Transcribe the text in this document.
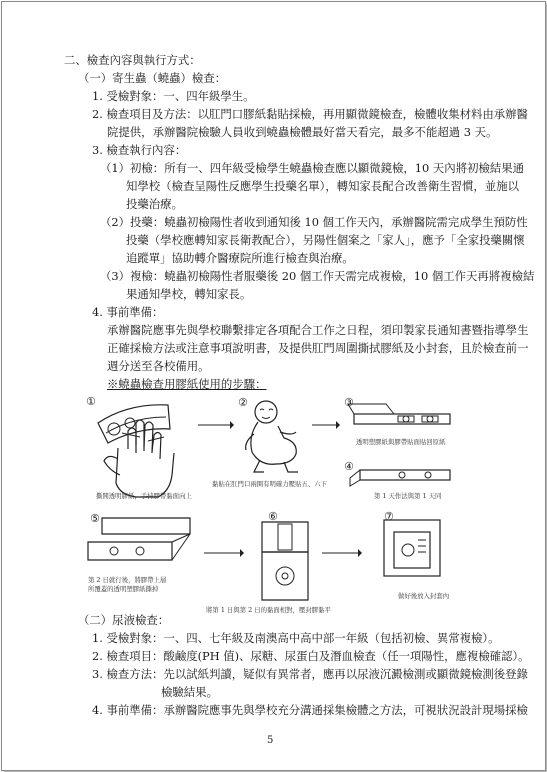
二、檢查內容與執行方式：
（一）寄生蟲（蟯蟲）檢查：
1. 受檢對象：一、四年級學生。
2. 檢查項目及方法：以肛門口膠紙黏貼採檢，再用顯微鏡檢查，檢體收集材料由承辦醫
院提供，承辦醫院檢驗人員收到蟯蟲檢體最好當天看完，最多不能超過 3 天。
3. 檢查執行內容：
（1）初檢：所有一、四年級受檢學生蟯蟲檢查應以顯微鏡檢，10 天內將初檢結果通
知學校（檢查呈陽性反應學生投藥名單），轉知家長配合改善衛生習慣，並施以
投藥治療。
（2）投藥：蟯蟲初檢陽性者收到通知後 10 個工作天內，承辦醫院需完成學生預防性
投藥（學校應轉知家長衛教配合），另陽性個案之「家人」，應予「全家投藥關懷
追蹤單」協助轉介醫療院所進行檢查與治療。
（3）複檢：蟯蟲初檢陽性者服藥後 20 個工作天需完成複檢，10 個工作天再將複檢結
果通知學校，轉知家長。
4. 事前準備：
承辦醫院應事先與學校聯繫排定各項配合工作之日程，須印製家長通知書暨指導學生
正確採檢方法或注意事項說明書，及提供肛門周圍撕拭膠紙及小封套，且於檢查前一
週分送至各校備用。
※蟯蟲檢查用膠紙使用的步驟：
①	②	③
透明塑膠紙與膠帶貼面貼回原紙
④
第 1 天作法與第 1 天同
撕開透明膠紙，手持膠帶黏面向上
黏貼在肛門口兩圈有明確力壓貼五、六下
⑤
第 2 日就行後，將膠帶上層
所覆蓋的透明塑膠紙撕掉
⑥	⑦
做好後放入封套內
將第 1 日與第 2 日的黏面相對，壓封膠黏平
（二）尿液檢查：
1. 受檢對象：一、四、七年級及南澳高中高中部一年級（包括初檢、異常複檢）。
2. 檢查項目：酸鹼度(PH 值)、尿糖、尿蛋白及潛血檢查（任一項陽性，應複檢確認）。
3. 檢查方法：先以試紙判讀，疑似有異常者，應再以尿液沉澱檢測或顯微鏡檢測後登錄
檢驗結果。
4. 事前準備：承辦醫院應事先與學校充分溝通採集檢體之方法，可視狀況設計現場採檢
5
